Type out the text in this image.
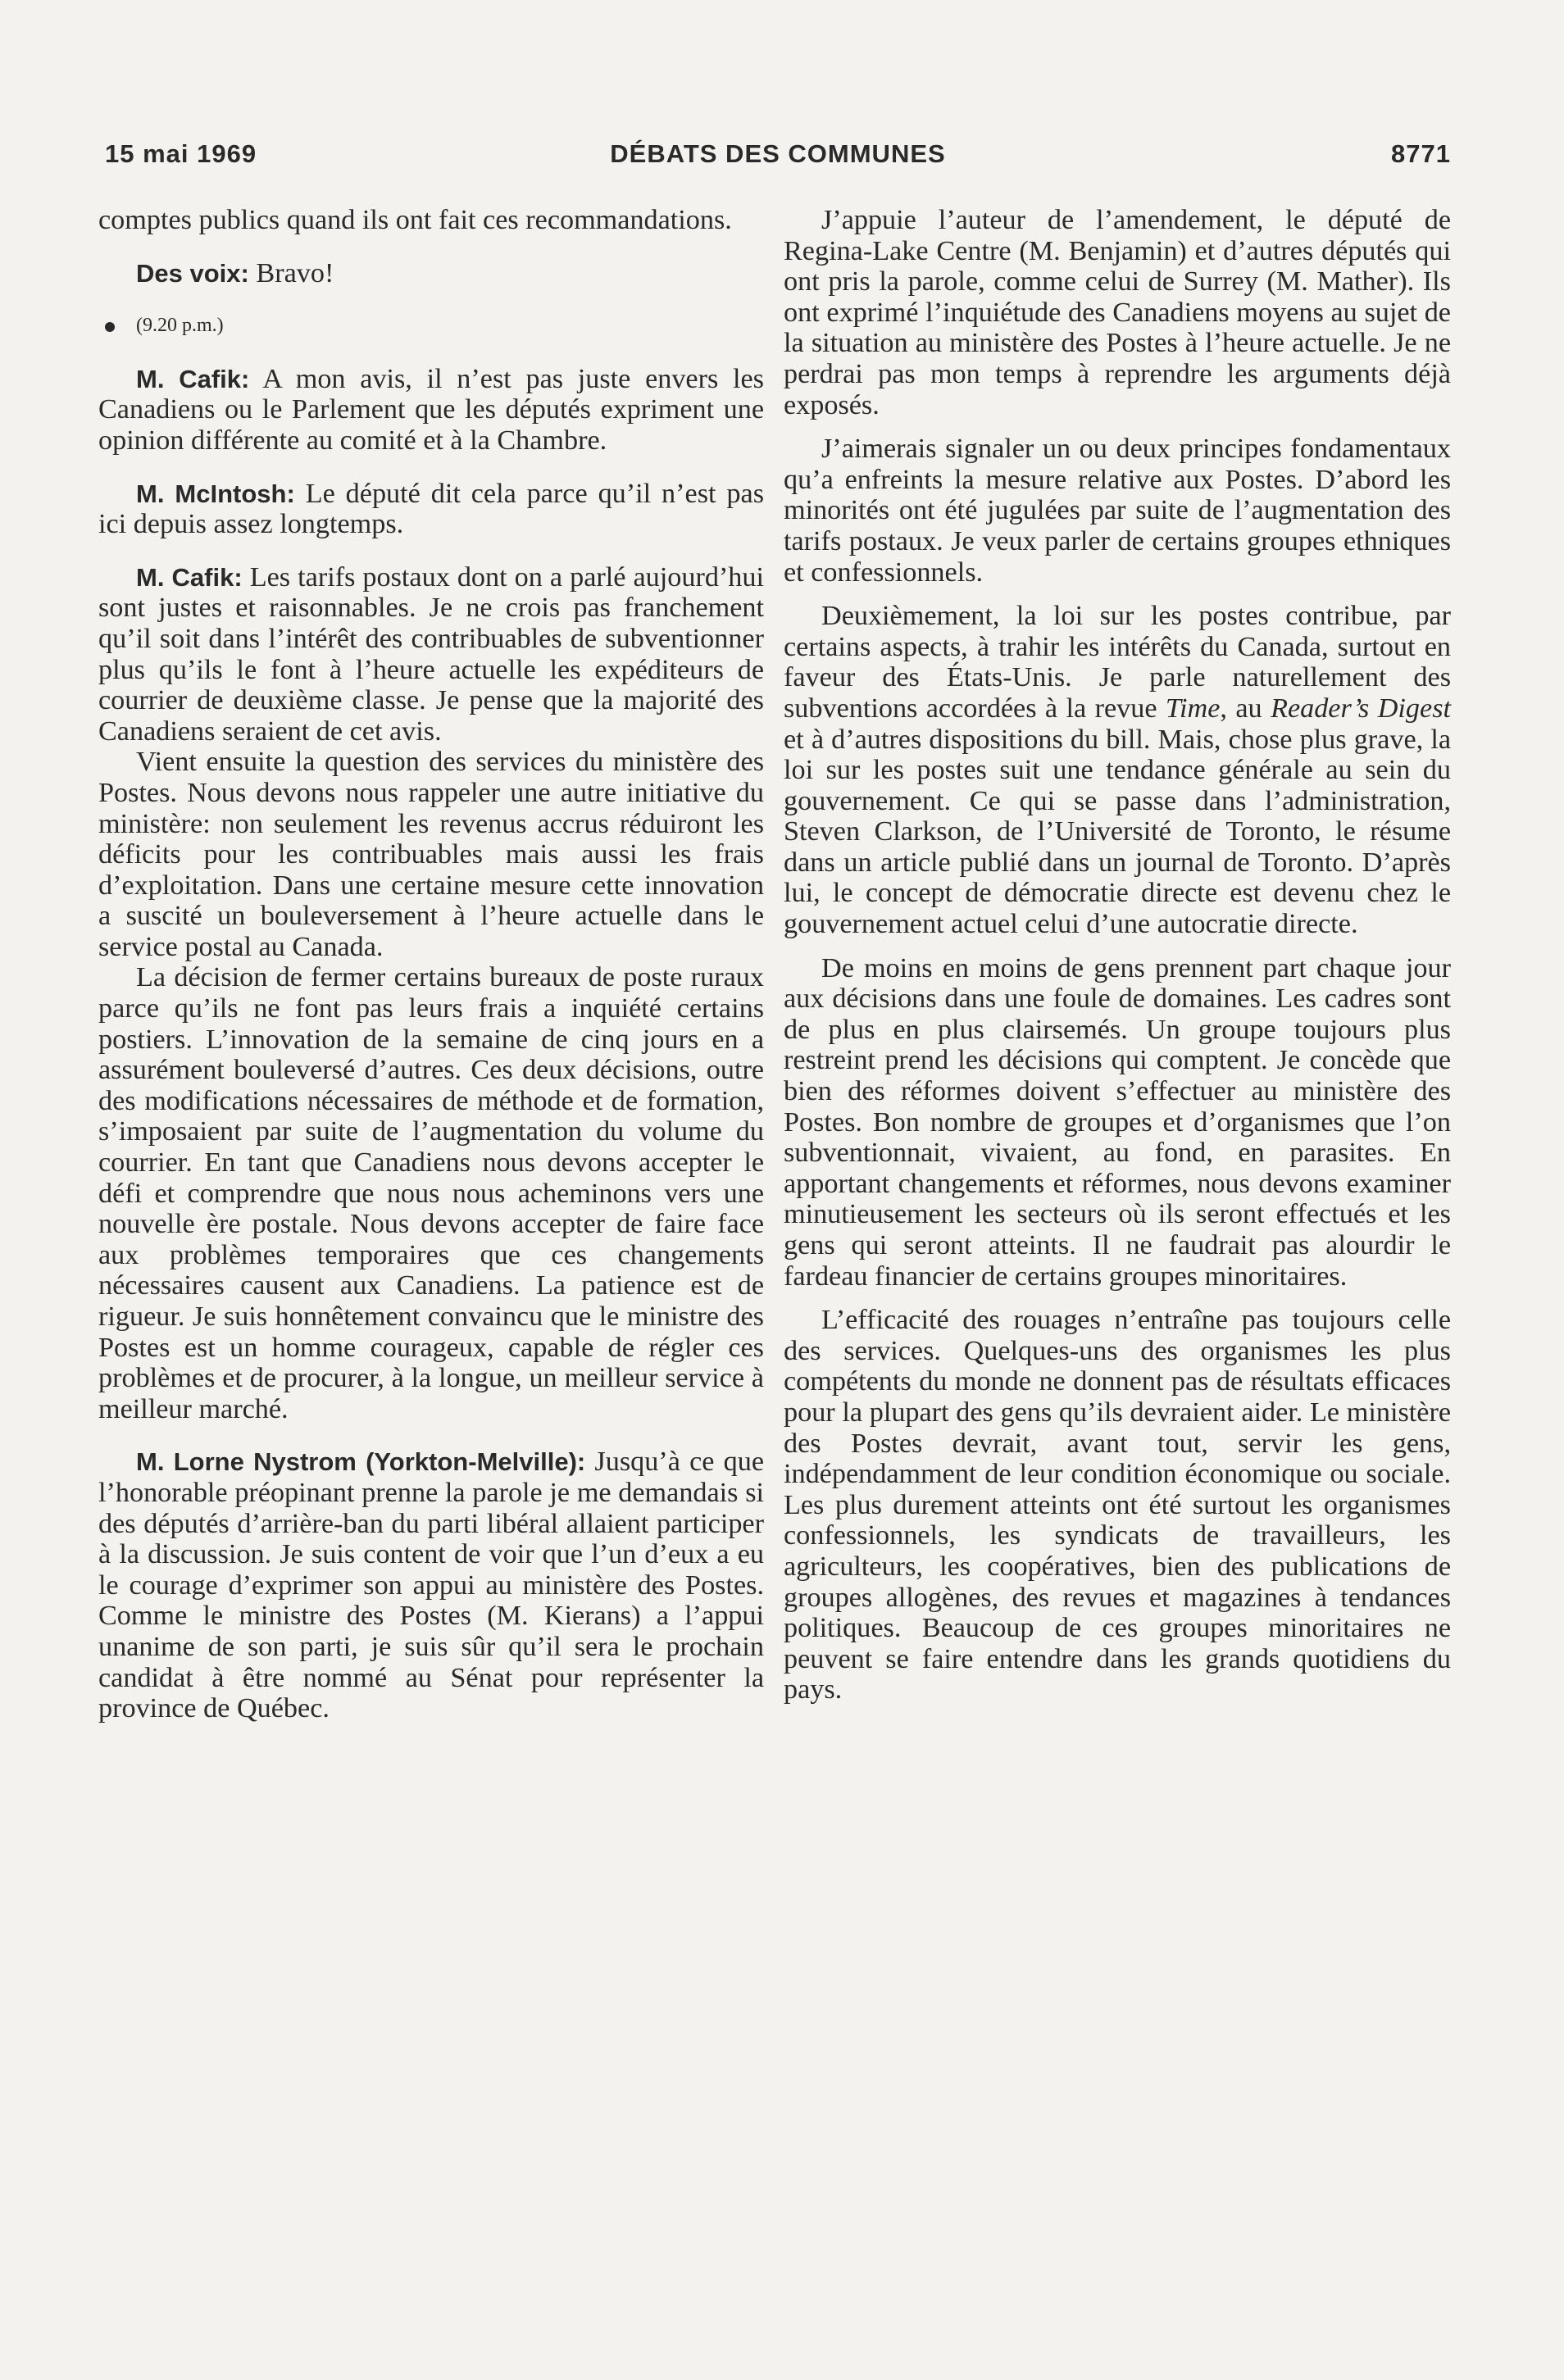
15 mai 1969	DÉBATS DES COMMUNES	8771

comptes publics quand ils ont fait ces recommandations.

Des voix: Bravo!

(9.20 p.m.)

M. Cafik: A mon avis, il n’est pas juste envers les Canadiens ou le Parlement que les députés expriment une opinion différente au comité et à la Chambre.

M. McIntosh: Le député dit cela parce qu’il n’est pas ici depuis assez longtemps.

M. Cafik: Les tarifs postaux dont on a parlé aujourd’hui sont justes et raisonnables. Je ne crois pas franchement qu’il soit dans l’intérêt des contribuables de subventionner plus qu’ils le font à l’heure actuelle les expéditeurs de courrier de deuxième classe. Je pense que la majorité des Canadiens seraient de cet avis.

Vient ensuite la question des services du ministère des Postes. Nous devons nous rappeler une autre initiative du ministère: non seulement les revenus accrus réduiront les déficits pour les contribuables mais aussi les frais d’exploitation. Dans une certaine mesure cette innovation a suscité un bouleversement à l’heure actuelle dans le service postal au Canada.

La décision de fermer certains bureaux de poste ruraux parce qu’ils ne font pas leurs frais a inquiété certains postiers. L’innovation de la semaine de cinq jours en a assurément bouleversé d’autres. Ces deux décisions, outre des modifications nécessaires de méthode et de formation, s’imposaient par suite de l’augmentation du volume du courrier. En tant que Canadiens nous devons accepter le défi et comprendre que nous nous acheminons vers une nouvelle ère postale. Nous devons accepter de faire face aux problèmes temporaires que ces changements nécessaires causent aux Canadiens. La patience est de rigueur. Je suis honnêtement convaincu que le ministre des Postes est un homme courageux, capable de régler ces problèmes et de procurer, à la longue, un meilleur service à meilleur marché.

M. Lorne Nystrom (Yorkton-Melville): Jusqu’à ce que l’honorable préopinant prenne la parole je me demandais si des députés d’arrière-ban du parti libéral allaient participer à la discussion. Je suis content de voir que l’un d’eux a eu le courage d’exprimer son appui au ministère des Postes. Comme le ministre des Postes (M. Kierans) a l’appui unanime de son parti, je suis sûr qu’il sera le prochain candidat à être nommé au Sénat pour représenter la province de Québec.

J’appuie l’auteur de l’amendement, le député de Regina-Lake Centre (M. Benjamin) et d’autres députés qui ont pris la parole, comme celui de Surrey (M. Mather). Ils ont exprimé l’inquiétude des Canadiens moyens au sujet de la situation au ministère des Postes à l’heure actuelle. Je ne perdrai pas mon temps à reprendre les arguments déjà exposés.

J’aimerais signaler un ou deux principes fondamentaux qu’a enfreints la mesure relative aux Postes. D’abord les minorités ont été jugulées par suite de l’augmentation des tarifs postaux. Je veux parler de certains groupes ethniques et confessionnels.

Deuxièmement, la loi sur les postes contribue, par certains aspects, à trahir les intérêts du Canada, surtout en faveur des États-Unis. Je parle naturellement des subventions accordées à la revue Time, au Reader’s Digest et à d’autres dispositions du bill. Mais, chose plus grave, la loi sur les postes suit une tendance générale au sein du gouvernement. Ce qui se passe dans l’administration, Steven Clarkson, de l’Université de Toronto, le résume dans un article publié dans un journal de Toronto. D’après lui, le concept de démocratie directe est devenu chez le gouvernement actuel celui d’une autocratie directe.

De moins en moins de gens prennent part chaque jour aux décisions dans une foule de domaines. Les cadres sont de plus en plus clairsemés. Un groupe toujours plus restreint prend les décisions qui comptent. Je concède que bien des réformes doivent s’effectuer au ministère des Postes. Bon nombre de groupes et d’organismes que l’on subventionnait, vivaient, au fond, en parasites. En apportant changements et réformes, nous devons examiner minutieusement les secteurs où ils seront effectués et les gens qui seront atteints. Il ne faudrait pas alourdir le fardeau financier de certains groupes minoritaires.

L’efficacité des rouages n’entraîne pas toujours celle des services. Quelques-uns des organismes les plus compétents du monde ne donnent pas de résultats efficaces pour la plupart des gens qu’ils devraient aider. Le ministère des Postes devrait, avant tout, servir les gens, indépendamment de leur condition économique ou sociale. Les plus durement atteints ont été surtout les organismes confessionnels, les syndicats de travailleurs, les agriculteurs, les coopératives, bien des publications de groupes allogènes, des revues et magazines à tendances politiques. Beaucoup de ces groupes minoritaires ne peuvent se faire entendre dans les grands quotidiens du pays.
